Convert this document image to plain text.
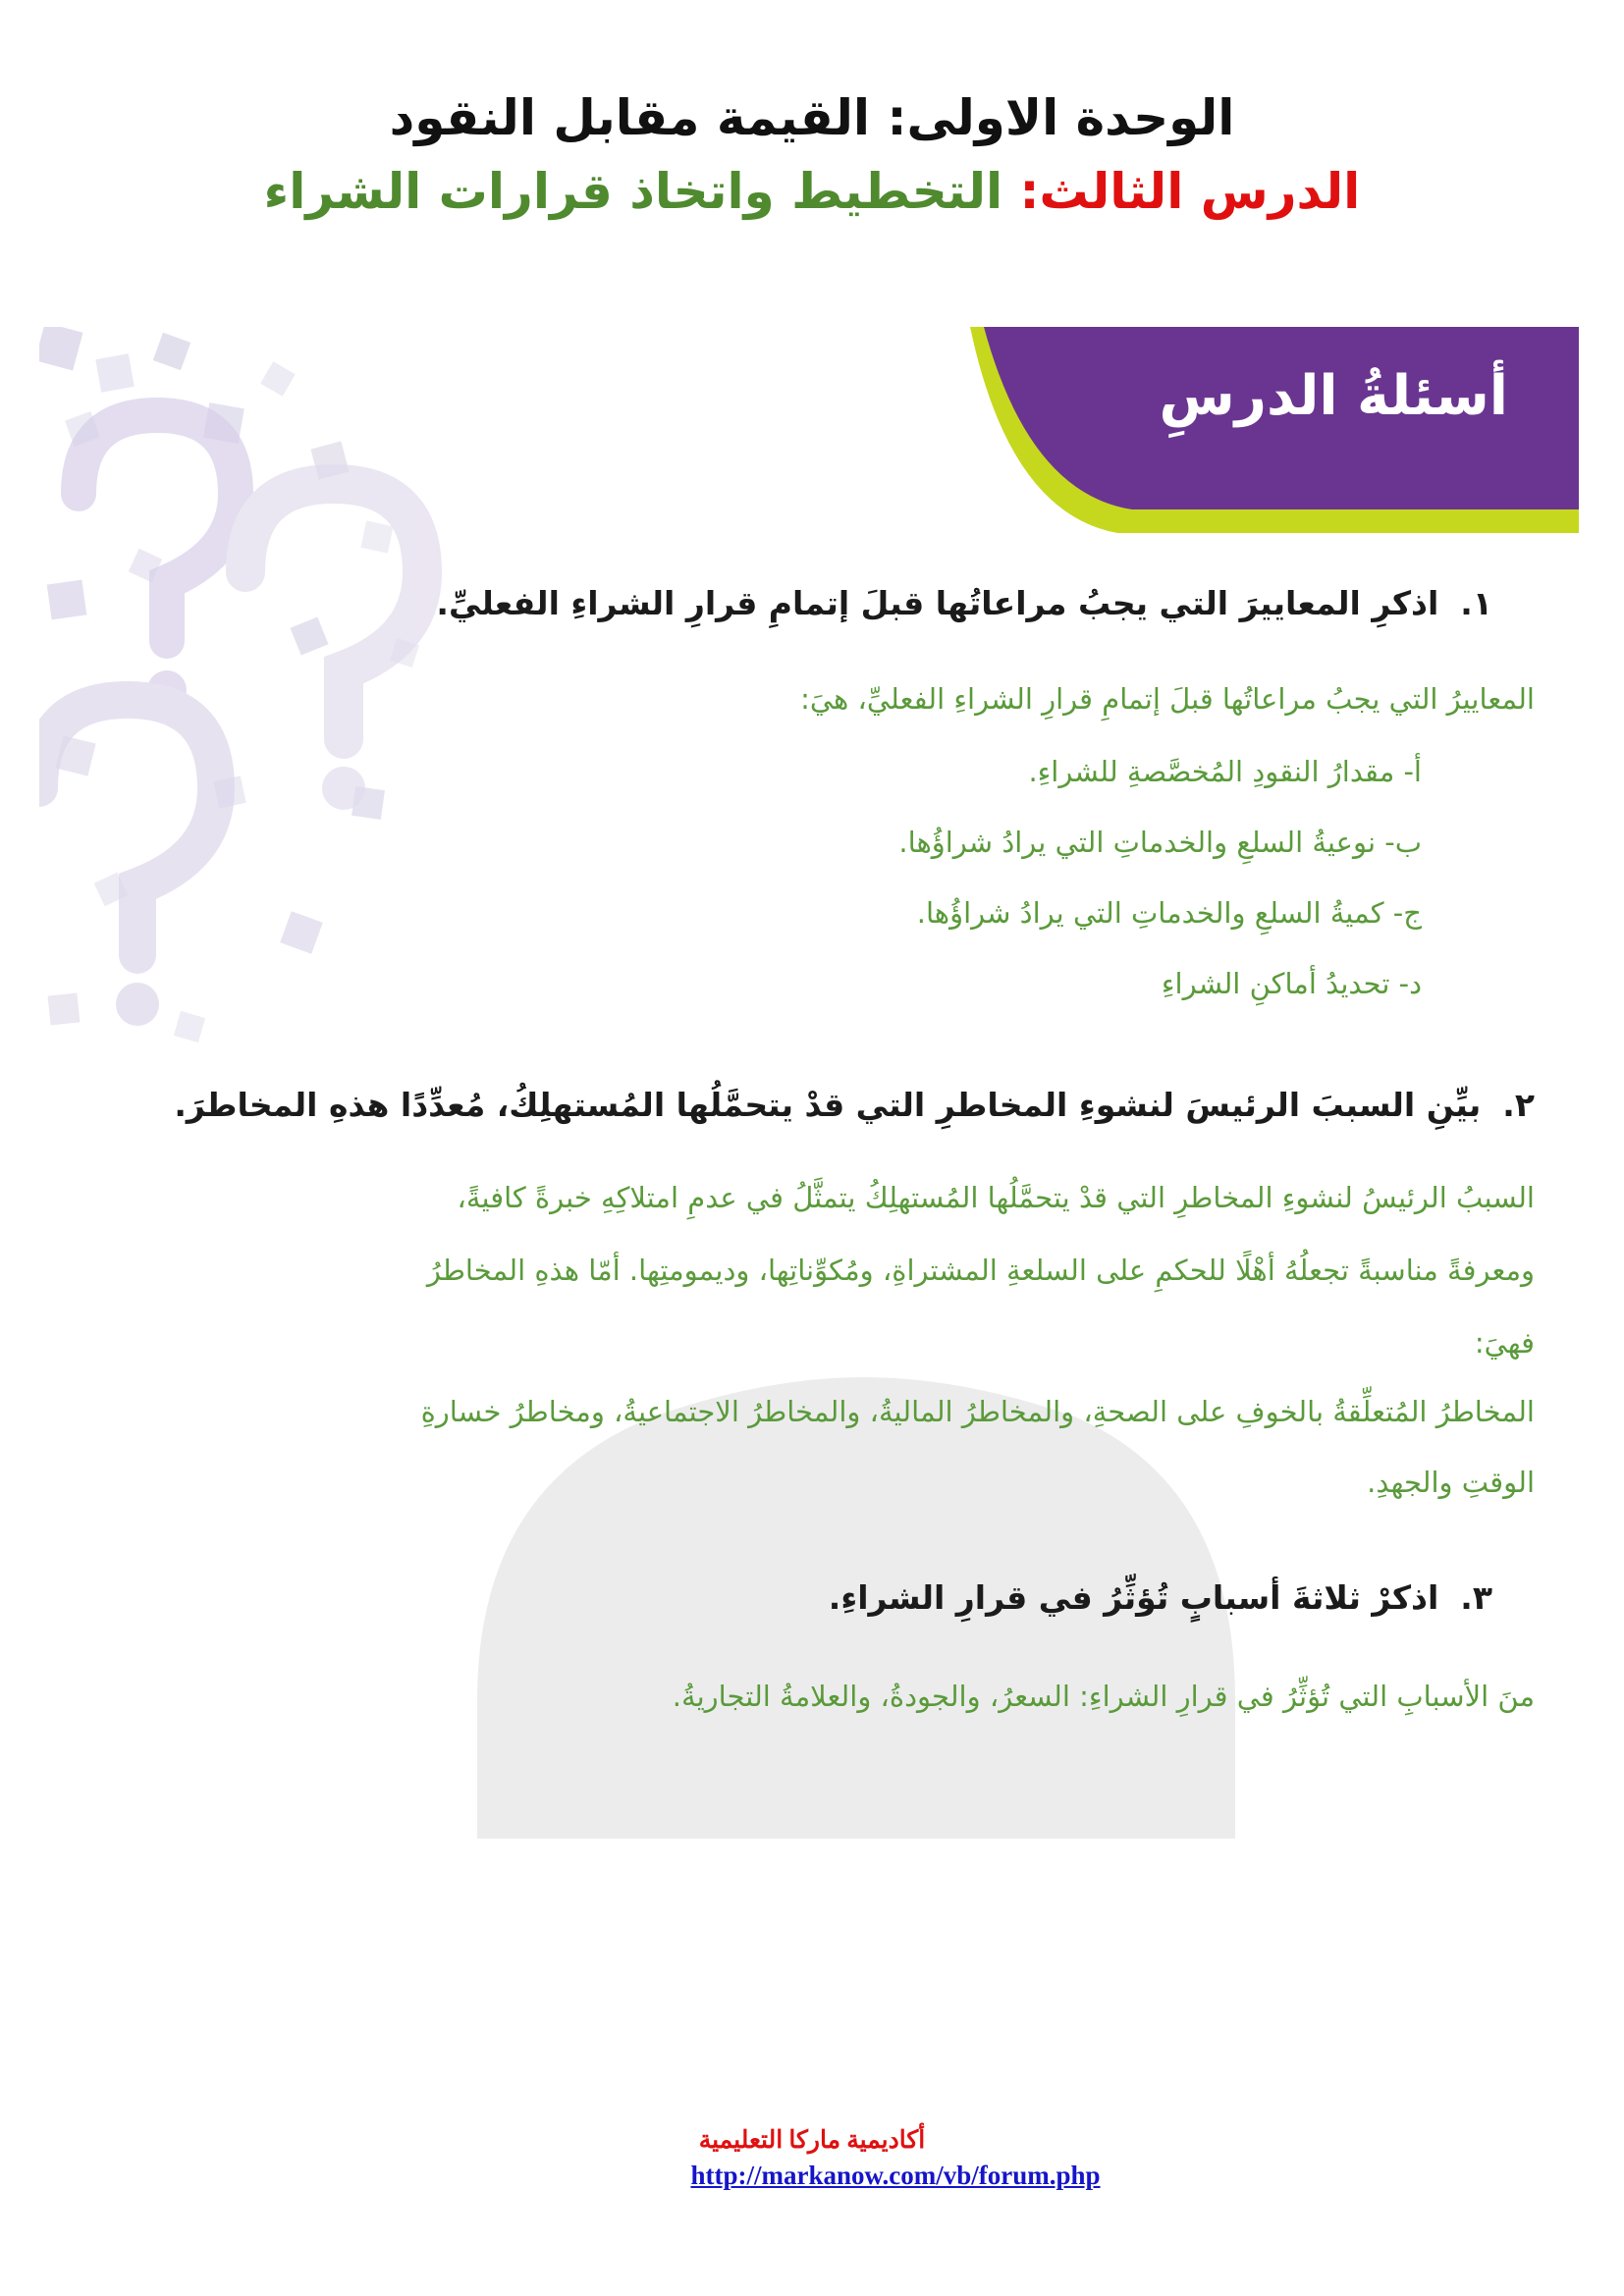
الوحدة الاولى: القيمة مقابل النقود
الدرس الثالث: التخطيط واتخاذ قرارات الشراء
أسئلةُ الدرسِ
١.اذكرِ المعاييرَ التي يجبُ مراعاتُها قبلَ إتمامِ قرارِ الشراءِ الفعليِّ.
المعاييرُ التي يجبُ مراعاتُها قبلَ إتمامِ قرارِ الشراءِ الفعليِّ، هيَ:
أ- مقدارُ النقودِ المُخصَّصةِ للشراءِ.
ب- نوعيةُ السلعِ والخدماتِ التي يرادُ شراؤُها.
ج- كميةُ السلعِ والخدماتِ التي يرادُ شراؤُها.
د- تحديدُ أماكنِ الشراءِ
٢.بيِّنِ السببَ الرئيسَ لنشوءِ المخاطرِ التي قدْ يتحمَّلُها المُستهلِكُ، مُعدِّدًا هذهِ المخاطرَ.
السببُ الرئيسُ لنشوءِ المخاطرِ التي قدْ يتحمَّلُها المُستهلِكُ يتمثَّلُ في عدمِ امتلاكِهِ خبرةً كافيةً،
ومعرفةً مناسبةً تجعلُهُ أهْلًا للحكمِ على السلعةِ المشتراةِ، ومُكوِّناتِها، وديمومتِها. أمّا هذهِ المخاطرُ
فهيَ:
المخاطرُ المُتعلِّقةُ بالخوفِ على الصحةِ، والمخاطرُ الماليةُ، والمخاطرُ الاجتماعيةُ، ومخاطرُ خسارةِ
الوقتِ والجهدِ.
٣.اذكرْ ثلاثةَ أسبابٍ تُؤثِّرُ في قرارِ الشراءِ.
منَ الأسبابِ التي تُؤثِّرُ في قرارِ الشراءِ: السعرُ، والجودةُ، والعلامةُ التجاريةُ.
أكاديمية ماركا التعليمية
http://markanow.com/vb/forum.php
